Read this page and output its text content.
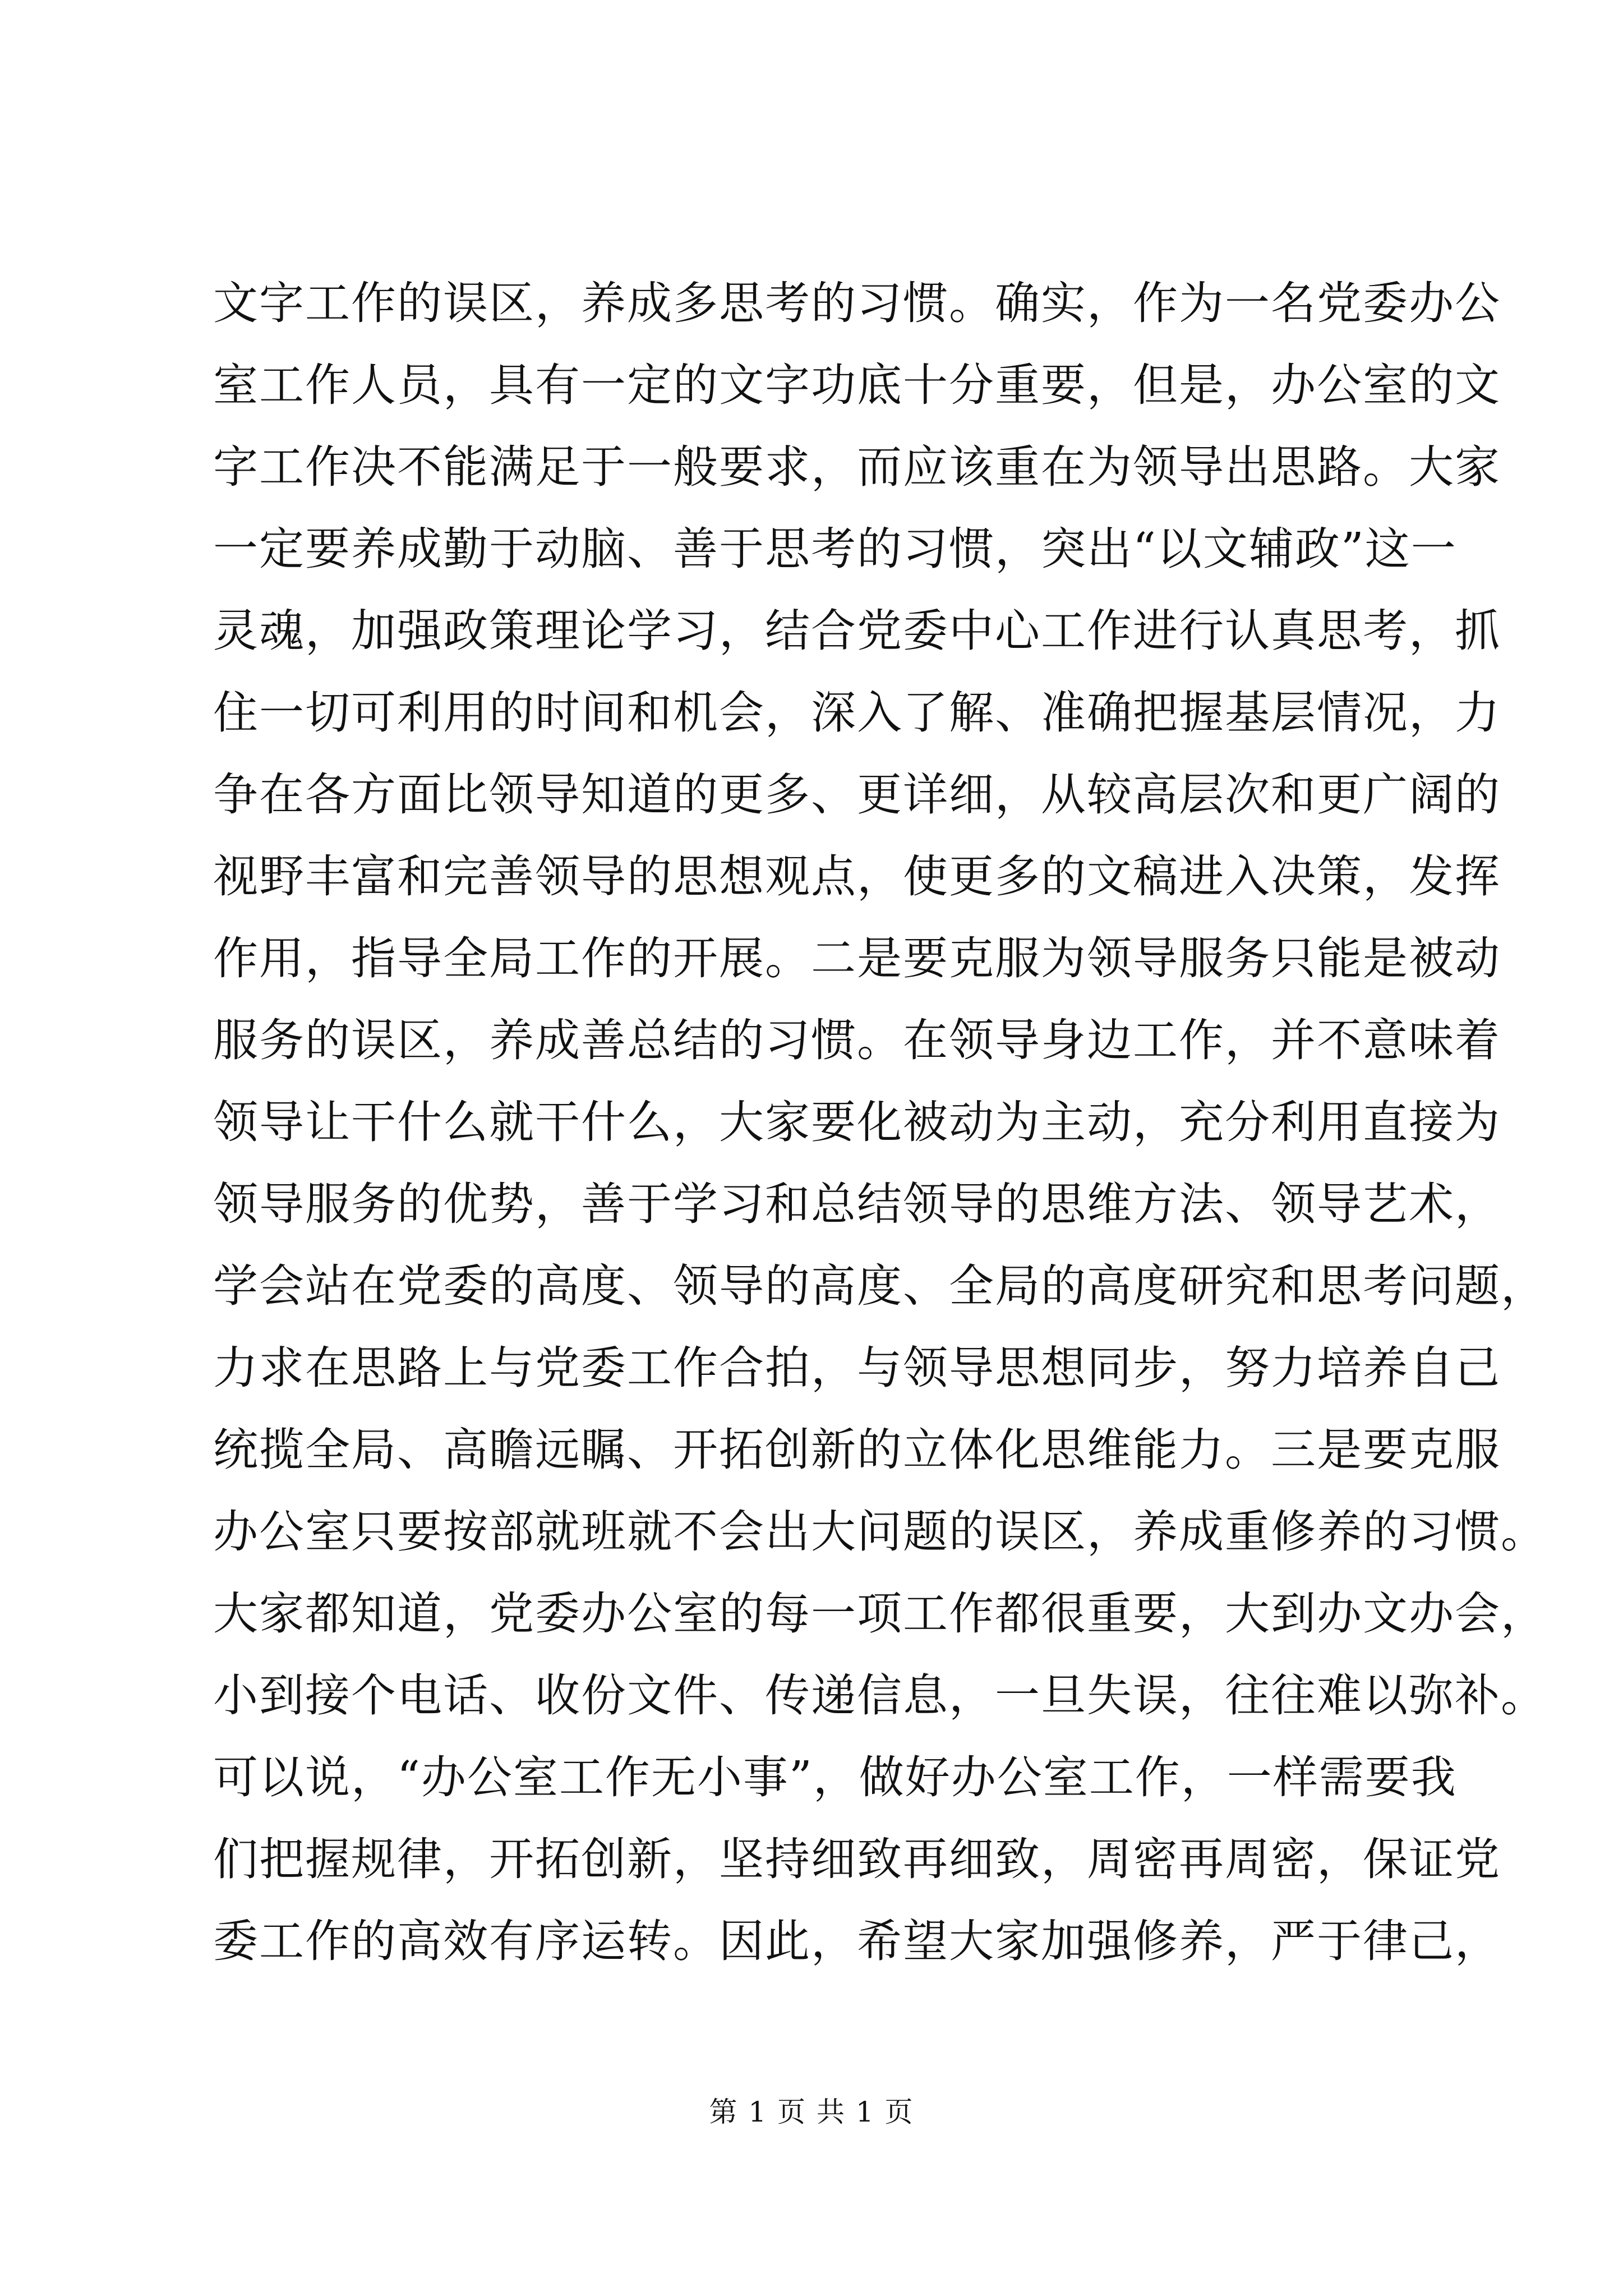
文字工作的误区，养成多思考的习惯。确实，作为一名党委办公
室工作人员，具有一定的文字功底十分重要，但是，办公室的文
字工作决不能满足于一般要求，而应该重在为领导出思路。大家
一定要养成勤于动脑、善于思考的习惯，突出“以文辅政”这一
灵魂，加强政策理论学习，结合党委中心工作进行认真思考，抓
住一切可利用的时间和机会，深入了解、准确把握基层情况，力
争在各方面比领导知道的更多、更详细，从较高层次和更广阔的
视野丰富和完善领导的思想观点，使更多的文稿进入决策，发挥
作用，指导全局工作的开展。二是要克服为领导服务只能是被动
服务的误区，养成善总结的习惯。在领导身边工作，并不意味着
领导让干什么就干什么，大家要化被动为主动，充分利用直接为
领导服务的优势，善于学习和总结领导的思维方法、领导艺术，
学会站在党委的高度、领导的高度、全局的高度研究和思考问题，
力求在思路上与党委工作合拍，与领导思想同步，努力培养自己
统揽全局、高瞻远瞩、开拓创新的立体化思维能力。三是要克服
办公室只要按部就班就不会出大问题的误区，养成重修养的习惯。
大家都知道，党委办公室的每一项工作都很重要，大到办文办会，
小到接个电话、收份文件、传递信息，一旦失误，往往难以弥补。
可以说，“办公室工作无小事”，做好办公室工作，一样需要我
们把握规律，开拓创新，坚持细致再细致，周密再周密，保证党
委工作的高效有序运转。因此，希望大家加强修养，严于律己，
第 1 页 共 1 页
